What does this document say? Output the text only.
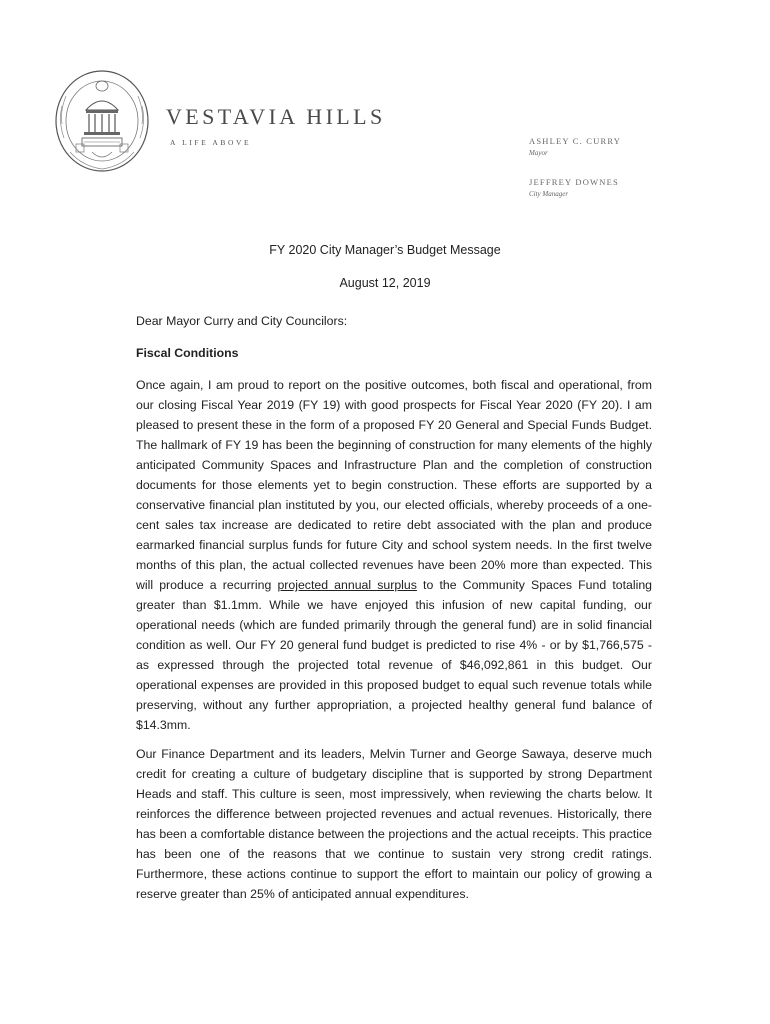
VESTAVIA HILLS
A LIFE ABOVE	ASHLEY C. CURRY
Mayor
JEFFREY DOWNES
City Manager
FY 2020 City Manager’s Budget Message
August 12, 2019

Dear Mayor Curry and City Councilors:

Fiscal Conditions

Once again, I am proud to report on the positive outcomes, both fiscal and operational, from our closing Fiscal Year 2019 (FY 19) with good prospects for Fiscal Year 2020 (FY 20). I am pleased to present these in the form of a proposed FY 20 General and Special Funds Budget. The hallmark of FY 19 has been the beginning of construction for many elements of the highly anticipated Community Spaces and Infrastructure Plan and the completion of construction documents for those elements yet to begin construction. These efforts are supported by a conservative financial plan instituted by you, our elected officials, whereby proceeds of a one-cent sales tax increase are dedicated to retire debt associated with the plan and produce earmarked financial surplus funds for future City and school system needs. In the first twelve months of this plan, the actual collected revenues have been 20% more than expected. This will produce a recurring projected annual surplus to the Community Spaces Fund totaling greater than $1.1mm. While we have enjoyed this infusion of new capital funding, our operational needs (which are funded primarily through the general fund) are in solid financial condition as well. Our FY 20 general fund budget is predicted to rise 4% - or by $1,766,575 - as expressed through the projected total revenue of $46,092,861 in this budget. Our operational expenses are provided in this proposed budget to equal such revenue totals while preserving, without any further appropriation, a projected healthy general fund balance of $14.3mm.

Our Finance Department and its leaders, Melvin Turner and George Sawaya, deserve much credit for creating a culture of budgetary discipline that is supported by strong Department Heads and staff. This culture is seen, most impressively, when reviewing the charts below. It reinforces the difference between projected revenues and actual revenues. Historically, there has been a comfortable distance between the projections and the actual receipts. This practice has been one of the reasons that we continue to sustain very strong credit ratings. Furthermore, these actions continue to support the effort to maintain our policy of growing a reserve greater than 25% of anticipated annual expenditures.
